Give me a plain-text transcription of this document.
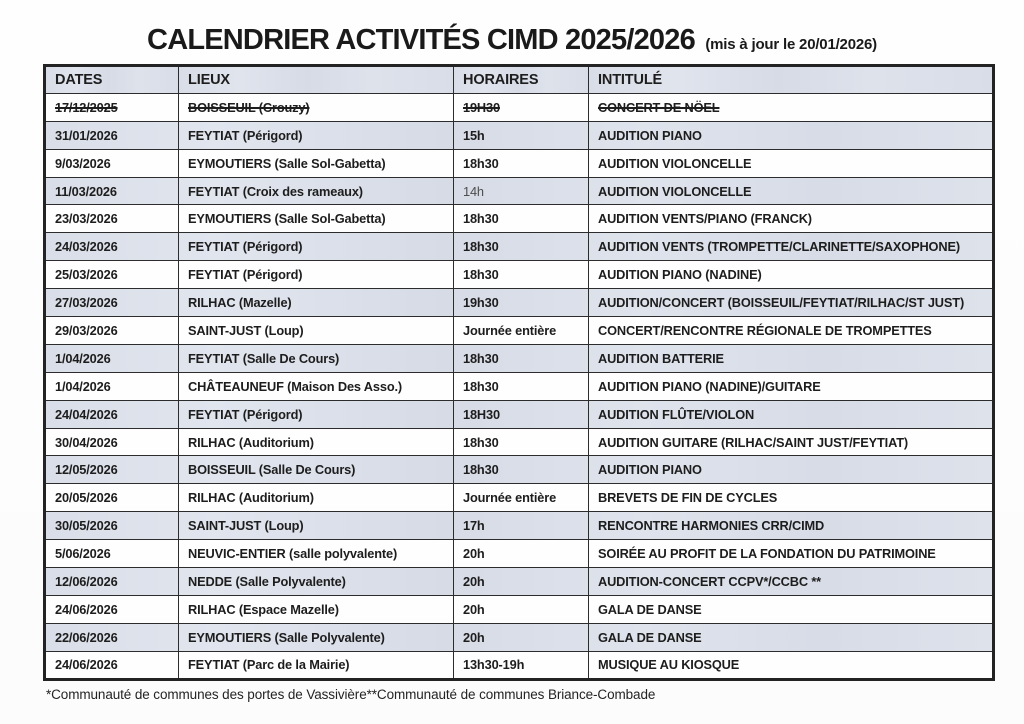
CALENDRIER ACTIVITÉS CIMD 2025/2026 (mis à jour le 20/01/2026)
DATES	LIEUX	HORAIRES	INTITULÉ
17/12/2025	BOISSEUIL (Crouzy)	19H30	CONCERT DE NÖEL
31/01/2026	FEYTIAT (Périgord)	15h	AUDITION PIANO
9/03/2026	EYMOUTIERS (Salle Sol-Gabetta)	18h30	AUDITION VIOLONCELLE
11/03/2026	FEYTIAT (Croix des rameaux)	14h	AUDITION VIOLONCELLE
23/03/2026	EYMOUTIERS (Salle Sol-Gabetta)	18h30	AUDITION VENTS/PIANO (FRANCK)
24/03/2026	FEYTIAT (Périgord)	18h30	AUDITION VENTS (TROMPETTE/CLARINETTE/SAXOPHONE)
25/03/2026	FEYTIAT (Périgord)	18h30	AUDITION PIANO (NADINE)
27/03/2026	RILHAC (Mazelle)	19h30	AUDITION/CONCERT (BOISSEUIL/FEYTIAT/RILHAC/ST JUST)
29/03/2026	SAINT-JUST (Loup)	Journée entière	CONCERT/RENCONTRE RÉGIONALE DE TROMPETTES
1/04/2026	FEYTIAT (Salle De Cours)	18h30	AUDITION BATTERIE
1/04/2026	CHÂTEAUNEUF (Maison Des Asso.)	18h30	AUDITION PIANO (NADINE)/GUITARE
24/04/2026	FEYTIAT (Périgord)	18H30	AUDITION FLÛTE/VIOLON
30/04/2026	RILHAC (Auditorium)	18h30	AUDITION GUITARE (RILHAC/SAINT JUST/FEYTIAT)
12/05/2026	BOISSEUIL (Salle De Cours)	18h30	AUDITION PIANO
20/05/2026	RILHAC (Auditorium)	Journée entière	BREVETS DE FIN DE CYCLES
30/05/2026	SAINT-JUST (Loup)	17h	RENCONTRE HARMONIES CRR/CIMD
5/06/2026	NEUVIC-ENTIER (salle polyvalente)	20h	SOIRÉE AU PROFIT DE LA FONDATION DU PATRIMOINE
12/06/2026	NEDDE (Salle Polyvalente)	20h	AUDITION-CONCERT CCPV*/CCBC **
24/06/2026	RILHAC (Espace Mazelle)	20h	GALA DE DANSE
22/06/2026	EYMOUTIERS (Salle Polyvalente)	20h	GALA DE DANSE
24/06/2026	FEYTIAT (Parc de la Mairie)	13h30-19h	MUSIQUE AU KIOSQUE
*Communauté de communes des portes de Vassivière**Communauté de communes Briance-Combade
